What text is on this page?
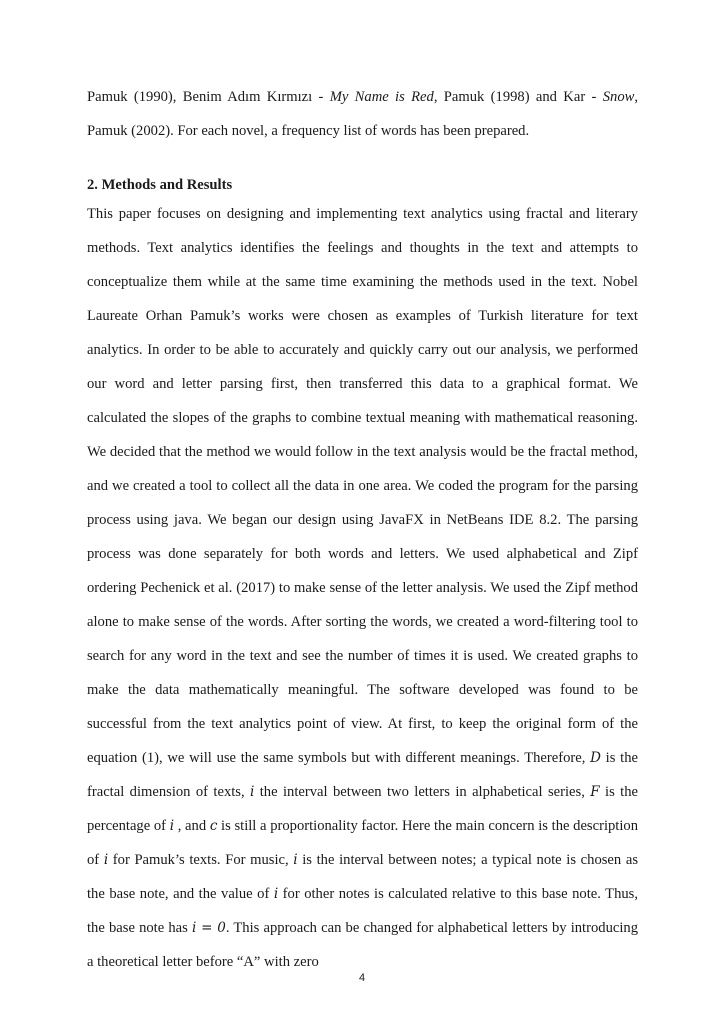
Pamuk (1990), Benim Adım Kırmızı - My Name is Red, Pamuk (1998) and Kar - Snow, Pamuk (2002). For each novel, a frequency list of words has been prepared.

2. Methods and Results

This paper focuses on designing and implementing text analytics using fractal and literary methods. Text analytics identifies the feelings and thoughts in the text and attempts to conceptualize them while at the same time examining the methods used in the text. Nobel Laureate Orhan Pamuk’s works were chosen as examples of Turkish literature for text analytics. In order to be able to accurately and quickly carry out our analysis, we performed our word and letter parsing first, then transferred this data to a graphical format. We calculated the slopes of the graphs to combine textual meaning with mathematical reasoning. We decided that the method we would follow in the text analysis would be the fractal method, and we created a tool to collect all the data in one area. We coded the program for the parsing process using java. We began our design using JavaFX in NetBeans IDE 8.2. The parsing process was done separately for both words and letters. We used alphabetical and Zipf ordering Pechenick et al. (2017) to make sense of the letter analysis. We used the Zipf method alone to make sense of the words. After sorting the words, we created a word-filtering tool to search for any word in the text and see the number of times it is used. We created graphs to make the data mathematically meaningful. The software developed was found to be successful from the text analytics point of view. At first, to keep the original form of the equation (1), we will use the same symbols but with different meanings. Therefore, D is the fractal dimension of texts, i the interval between two letters in alphabetical series, F is the percentage of i , and c is still a proportionality factor. Here the main concern is the description of i for Pamuk’s texts. For music, i is the interval between notes; a typical note is chosen as the base note, and the value of i for other notes is calculated relative to this base note. Thus, the base note has i = 0. This approach can be changed for alphabetical letters by introducing a theoretical letter before “A” with zero

4
